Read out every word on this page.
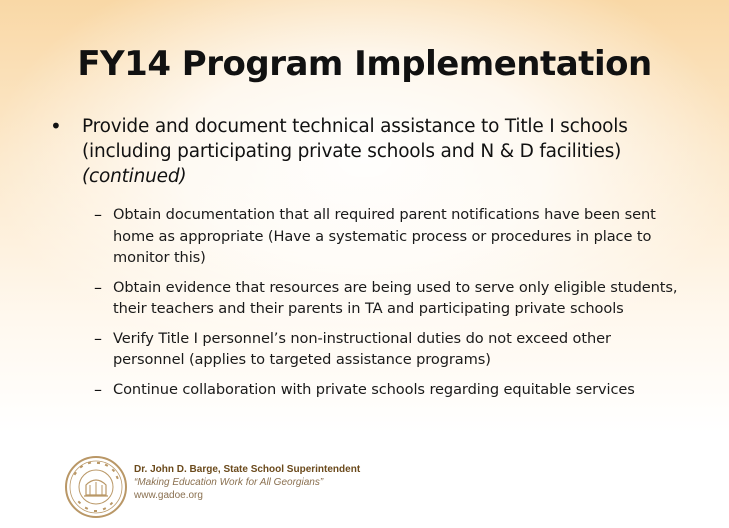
FY14 Program Implementation
• Provide and document technical assistance to Title I schools (including participating private schools and N & D facilities) (continued)
– Obtain documentation that all required parent notifications have been sent home as appropriate (Have a systematic process or procedures in place to monitor this)
– Obtain evidence that resources are being used to serve only eligible students, their teachers and their parents in TA and participating private schools
– Verify Title I personnel’s non-instructional duties do not exceed other personnel (applies to targeted assistance programs)
– Continue collaboration with private schools regarding equitable services
Dr. John D. Barge, State School Superintendent
“Making Education Work for All Georgians”
www.gadoe.org
